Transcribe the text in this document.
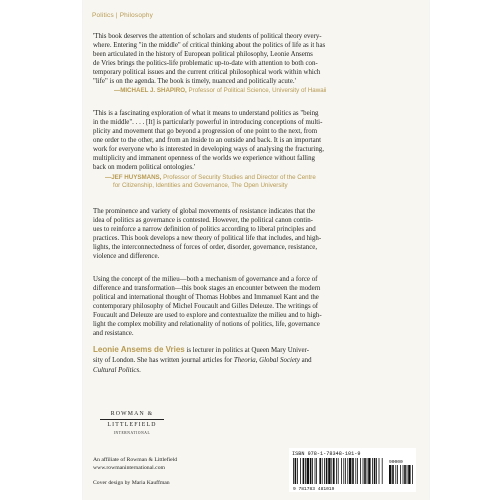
Politics | Philosophy
'This book deserves the attention of scholars and students of political theory every-
where. Entering "in the middle" of critical thinking about the politics of life as it has
been articulated in the history of European political philosophy, Leonie Ansems
de Vries brings the politics-life problematic up-to-date with attention to both con-
temporary political issues and the current critical philosophical work within which
"life" is on the agenda. The book is timely, nuanced and politically acute.'
—MICHAEL J. SHAPIRO, Professor of Political Science, University of Hawaii
'This is a fascinating exploration of what it means to understand politics as "being
in the middle". . . . [It] is particularly powerful in introducing conceptions of multi-
plicity and movement that go beyond a progression of one point to the next, from
one order to the other, and from an inside to an outside and back. It is an important
work for everyone who is interested in developing ways of analysing the fracturing,
multiplicity and immanent openness of the worlds we experience without falling
back on modern political ontologies.'
—JEF HUYSMANS, Professor of Security Studies and Director of the Centre
for Citizenship, Identities and Governance, The Open University
The prominence and variety of global movements of resistance indicates that the
idea of politics as governance is contested. However, the political canon contin-
ues to reinforce a narrow definition of politics according to liberal principles and
practices. This book develops a new theory of political life that includes, and high-
lights, the interconnectedness of forces of order, disorder, governance, resistance,
violence and difference.
Using the concept of the milieu—both a mechanism of governance and a force of
difference and transformation—this book stages an encounter between the modern
political and international thought of Thomas Hobbes and Immanuel Kant and the
contemporary philosophy of Michel Foucault and Gilles Deleuze. The writings of
Foucault and Deleuze are used to explore and contextualize the milieu and to high-
light the complex mobility and relationality of notions of politics, life, governance
and resistance.
Leonie Ansems de Vries is lecturer in politics at Queen Mary Univer-
sity of London. She has written journal articles for Theoria, Global Society and
Cultural Politics.
ROWMAN &
LITTLEFIELD
INTERNATIONAL
An affiliate of Rowman & Littlefield
www.rowmaninternational.com
Cover design by Maria Kauffman
ISBN 978-1-78348-101-9
90000
9 781783 481019
